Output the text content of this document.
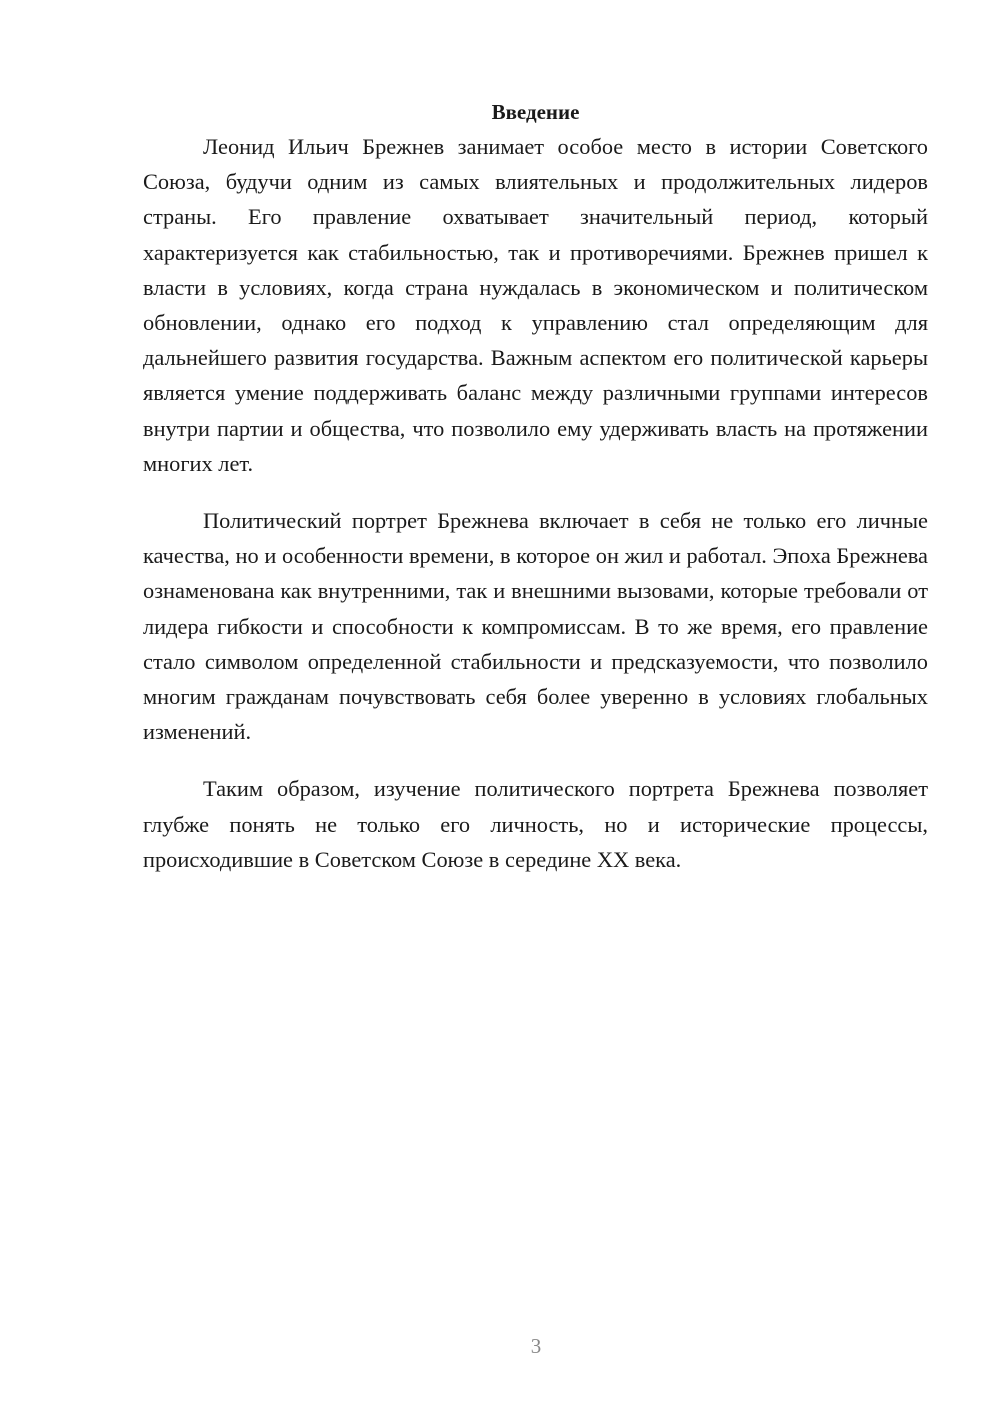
Введение

Леонид Ильич Брежнев занимает особое место в истории Советского Союза, будучи одним из самых влиятельных и продолжительных лидеров страны. Его правление охватывает значительный период, который характеризуется как стабильностью, так и противоречиями. Брежнев пришел к власти в условиях, когда страна нуждалась в экономическом и политическом обновлении, однако его подход к управлению стал определяющим для дальнейшего развития государства. Важным аспектом его политической карьеры является умение поддерживать баланс между различными группами интересов внутри партии и общества, что позволило ему удерживать власть на протяжении многих лет.

Политический портрет Брежнева включает в себя не только его личные качества, но и особенности времени, в которое он жил и работал. Эпоха Брежнева ознаменована как внутренними, так и внешними вызовами, которые требовали от лидера гибкости и способности к компромиссам. В то же время, его правление стало символом определенной стабильности и предсказуемости, что позволило многим гражданам почувствовать себя более уверенно в условиях глобальных изменений.

Таким образом, изучение политического портрета Брежнева позволяет глубже понять не только его личность, но и исторические процессы, происходившие в Советском Союзе в середине XX века.

3
